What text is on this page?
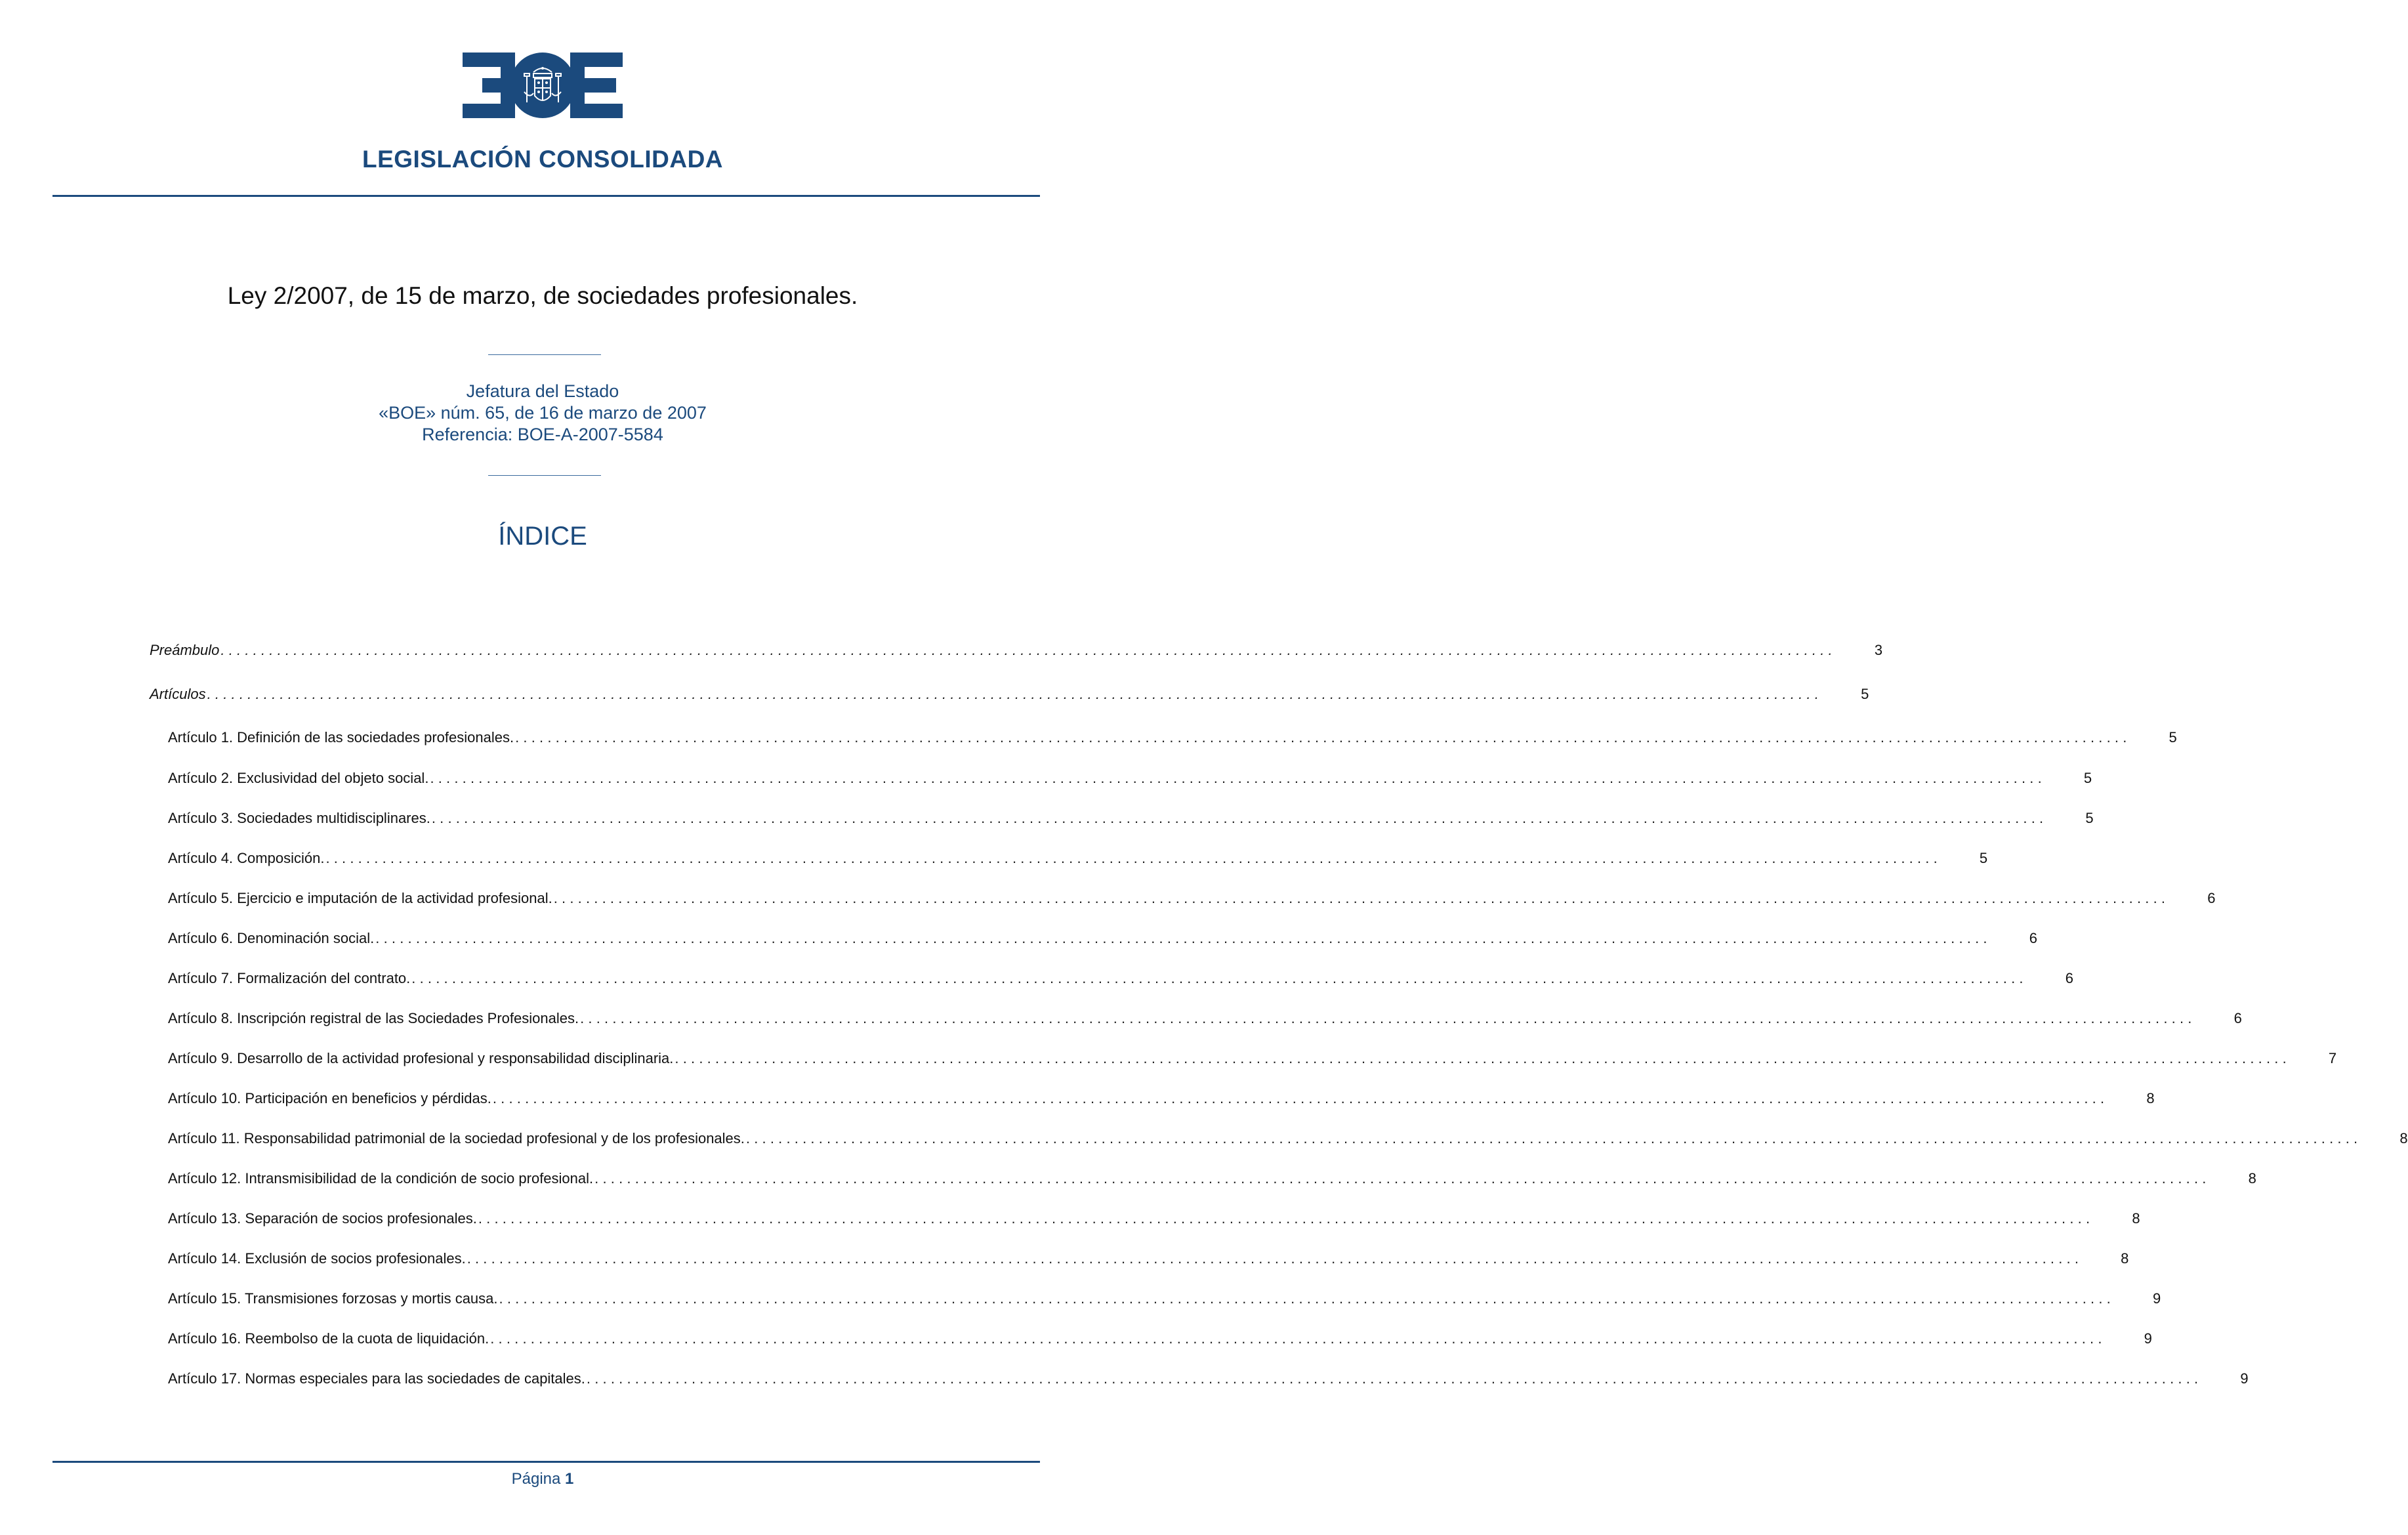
LEGISLACIÓN CONSOLIDADA
Ley 2/2007, de 15 de marzo, de sociedades profesionales.
Jefatura del Estado
«BOE» núm. 65, de 16 de marzo de 2007
Referencia: BOE-A-2007-5584
ÍNDICE
Preámbulo ........................................................................................................................................................................................................	3
Artículos ........................................................................................................................................................................................................	5
Artículo 1. Definición de las sociedades profesionales. ........................................................................................................................................................................................................	5
Artículo 2. Exclusividad del objeto social. ........................................................................................................................................................................................................	5
Artículo 3. Sociedades multidisciplinares. ........................................................................................................................................................................................................	5
Artículo 4. Composición. ........................................................................................................................................................................................................	5
Artículo 5. Ejercicio e imputación de la actividad profesional. ........................................................................................................................................................................................................	6
Artículo 6. Denominación social. ........................................................................................................................................................................................................	6
Artículo 7. Formalización del contrato. ........................................................................................................................................................................................................	6
Artículo 8. Inscripción registral de las Sociedades Profesionales. ........................................................................................................................................................................................................	6
Artículo 9. Desarrollo de la actividad profesional y responsabilidad disciplinaria. ........................................................................................................................................................................................................	7
Artículo 10. Participación en beneficios y pérdidas. ........................................................................................................................................................................................................	8
Artículo 11. Responsabilidad patrimonial de la sociedad profesional y de los profesionales. ........................................................................................................................................................................................................	8
Artículo 12. Intransmisibilidad de la condición de socio profesional. ........................................................................................................................................................................................................	8
Artículo 13. Separación de socios profesionales. ........................................................................................................................................................................................................	8
Artículo 14. Exclusión de socios profesionales. ........................................................................................................................................................................................................	8
Artículo 15. Transmisiones forzosas y mortis causa. ........................................................................................................................................................................................................	9
Artículo 16. Reembolso de la cuota de liquidación. ........................................................................................................................................................................................................	9
Artículo 17. Normas especiales para las sociedades de capitales. ........................................................................................................................................................................................................	9
Página 1
